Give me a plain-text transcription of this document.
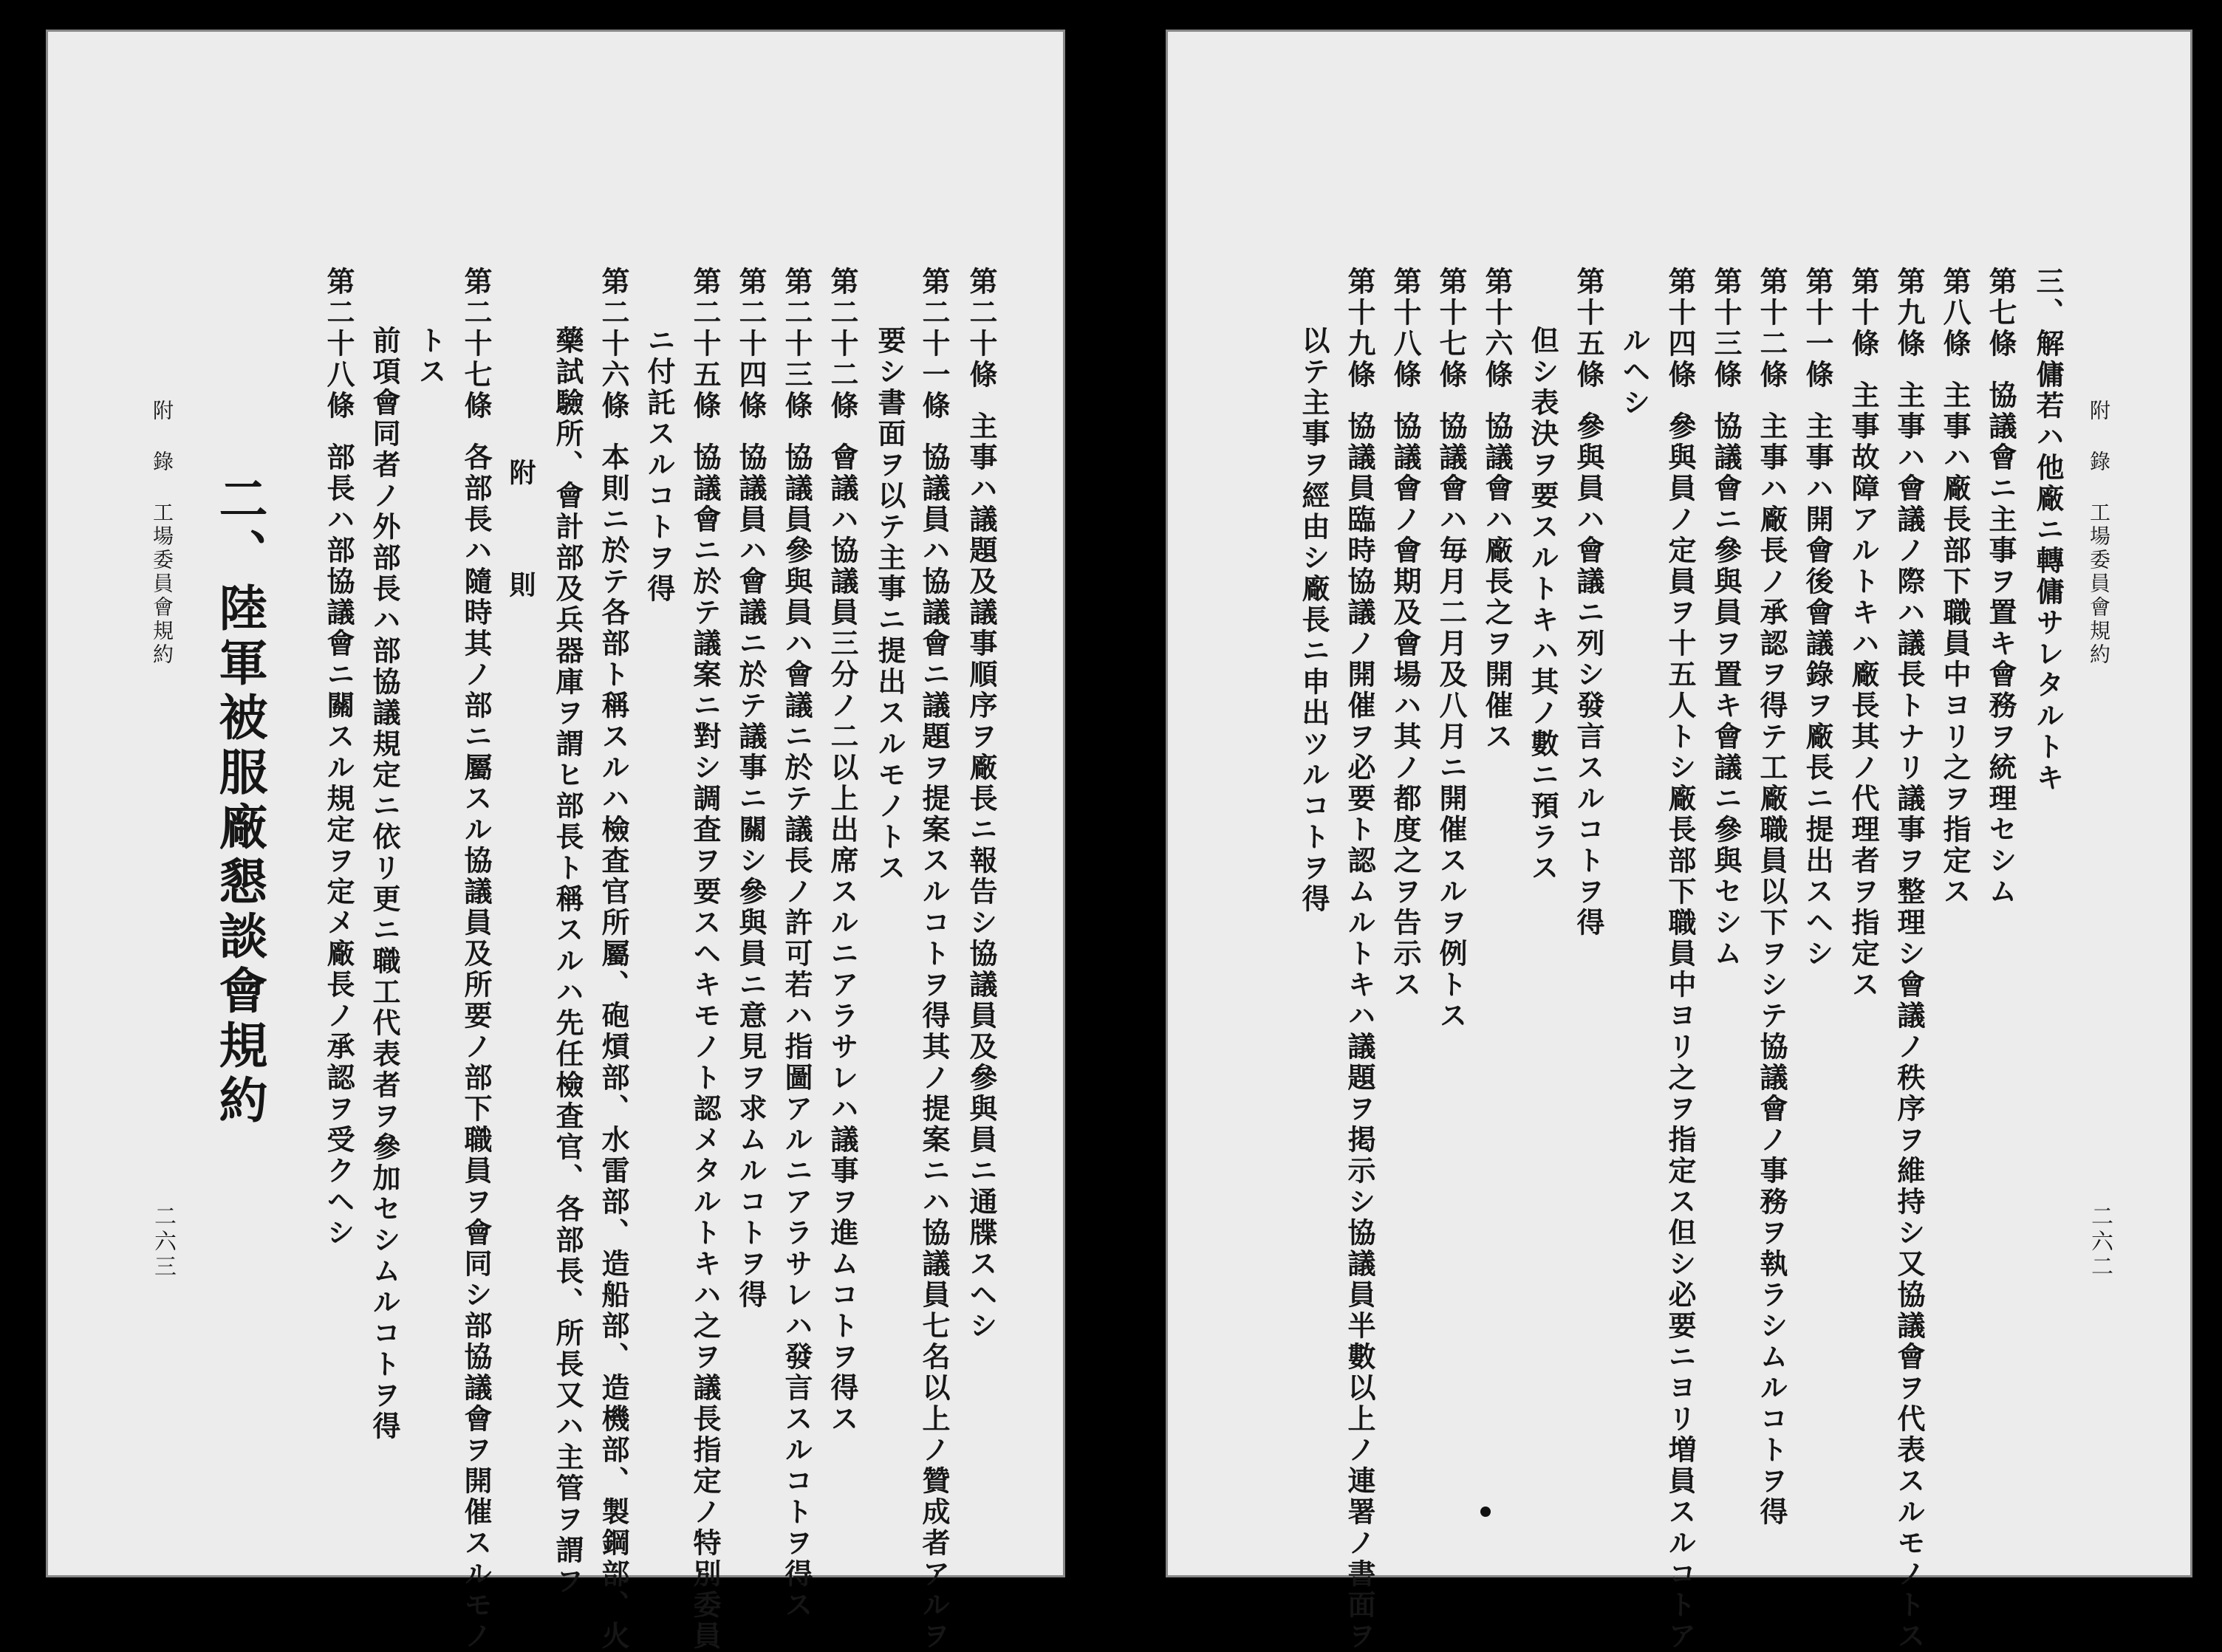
第二十條主事ハ議題及議事順序ヲ廠長ニ報告シ協議員及參與員ニ通牒スヘシ
第二十一條協議員ハ協議會ニ議題ヲ提案スルコトヲ得其ノ提案ニハ協議員七名以上ノ贊成者アルヲ
要シ書面ヲ以テ主事ニ提出スルモノトス
第二十二條會議ハ協議員三分ノ二以上出席スルニアラサレハ議事ヲ進ムコトヲ得ス
第二十三條協議員參與員ハ會議ニ於テ議長ノ許可若ハ指圖アルニアラサレハ發言スルコトヲ得ス
第二十四條協議員ハ會議ニ於テ議事ニ關シ參與員ニ意見ヲ求ムルコトヲ得
第二十五條協議會ニ於テ議案ニ對シ調査ヲ要スヘキモノト認メタルトキハ之ヲ議長指定ノ特別委員
ニ付託スルコトヲ得
第二十六條本則ニ於テ各部ト稱スルハ檢査官所屬、砲熕部、水雷部、造船部、造機部、製鋼部、火
藥試驗所、會計部及兵器庫ヲ謂ヒ部長ト稱スルハ先任檢査官、各部長、所長又ハ主管ヲ謂フ
附　則
第二十七條各部長ハ隨時其ノ部ニ屬スル協議員及所要ノ部下職員ヲ會同シ部協議會ヲ開催スルモノ
トス
前項會同者ノ外部長ハ部協議規定ニ依リ更ニ職工代表者ヲ參加セシムルコトヲ得
第二十八條部長ハ部協議會ニ關スル規定ヲ定メ廠長ノ承認ヲ受クヘシ
二、陸軍被服廠懇談會規約
附 錄 工場委員會規約
二六三
附 錄 工場委員會規約
三、解傭若ハ他廠ニ轉傭サレタルトキ
第七條協議會ニ主事ヲ置キ會務ヲ統理セシム
第八條主事ハ廠長部下職員中ヨリ之ヲ指定ス
第九條主事ハ會議ノ際ハ議長トナリ議事ヲ整理シ會議ノ秩序ヲ維持シ又協議會ヲ代表スルモノトス
第十條主事故障アルトキハ廠長其ノ代理者ヲ指定ス
第十一條主事ハ開會後會議錄ヲ廠長ニ提出スヘシ
第十二條主事ハ廠長ノ承認ヲ得テ工廠職員以下ヲシテ協議會ノ事務ヲ執ラシムルコトヲ得
第十三條協議會ニ參與員ヲ置キ會議ニ參與セシム
第十四條參與員ノ定員ヲ十五人トシ廠長部下職員中ヨリ之ヲ指定ス但シ必要ニヨリ増員スルコトア
ルヘシ
第十五條參與員ハ會議ニ列シ發言スルコトヲ得
但シ表決ヲ要スルトキハ其ノ數ニ預ラス
第十六條協議會ハ廠長之ヲ開催ス
第十七條協議會ハ毎月二月及八月ニ開催スルヲ例トス
第十八條協議會ノ會期及會場ハ其ノ都度之ヲ告示ス
第十九條協議員臨時協議ノ開催ヲ必要ト認ムルトキハ議題ヲ掲示シ協議員半數以上ノ連署ノ書面ヲ
以テ主事ヲ經由シ廠長ニ申出ツルコトヲ得
二六二
